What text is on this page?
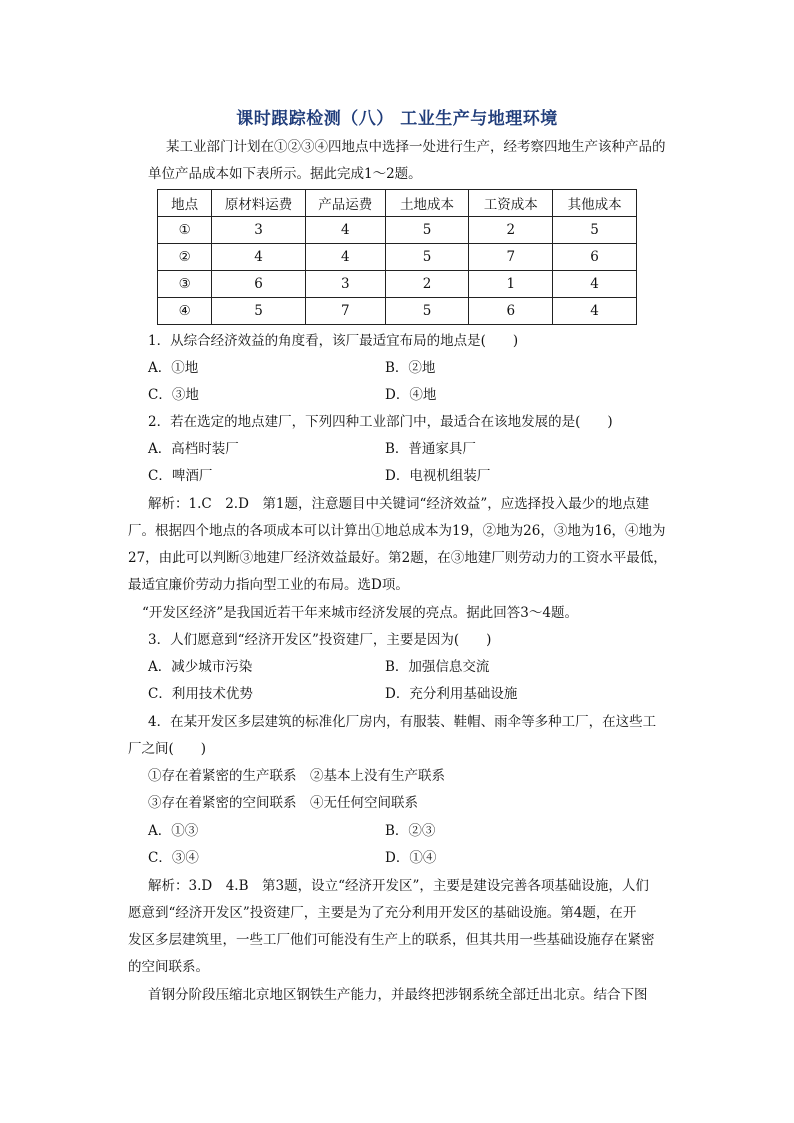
课时跟踪检测（八） 工业生产与地理环境
某工业部门计划在①②③④四地点中选择一处进行生产，经考察四地生产该种产品的
单位产品成本如下表所示。据此完成1～2题。
地点	原材料运费	产品运费	土地成本	工资成本	其他成本
①	3	4	5	2	5
②	4	4	5	7	6
③	6	3	2	1	4
④	5	7	5	6	4
1．从综合经济效益的角度看，该厂最适宜布局的地点是(　　)
A．①地	B．②地
C．③地	D．④地
2．若在选定的地点建厂，下列四种工业部门中，最适合在该地发展的是(　　)
A．高档时装厂	B．普通家具厂
C．啤酒厂	D．电视机组装厂
解析：1.C　2.D　第1题，注意题目中关键词“经济效益”，应选择投入最少的地点建
厂。根据四个地点的各项成本可以计算出①地总成本为19，②地为26，③地为16，④地为
27，由此可以判断③地建厂经济效益最好。第2题，在③地建厂则劳动力的工资水平最低，
最适宜廉价劳动力指向型工业的布局。选D项。
“开发区经济”是我国近若干年来城市经济发展的亮点。据此回答3～4题。
3．人们愿意到“经济开发区”投资建厂，主要是因为(　　)
A．减少城市污染	B．加强信息交流
C．利用技术优势	D．充分利用基础设施
4．在某开发区多层建筑的标准化厂房内，有服装、鞋帽、雨伞等多种工厂，在这些工
厂之间(　　)
①存在着紧密的生产联系　②基本上没有生产联系
③存在着紧密的空间联系　④无任何空间联系
A．①③	B．②③
C．③④	D．①④
解析：3.D　4.B　第3题，设立“经济开发区”，主要是建设完善各项基础设施，人们
愿意到“经济开发区”投资建厂，主要是为了充分利用开发区的基础设施。第4题，在开
发区多层建筑里，一些工厂他们可能没有生产上的联系，但其共用一些基础设施存在紧密
的空间联系。
首钢分阶段压缩北京地区钢铁生产能力，并最终把涉钢系统全部迁出北京。结合下图
